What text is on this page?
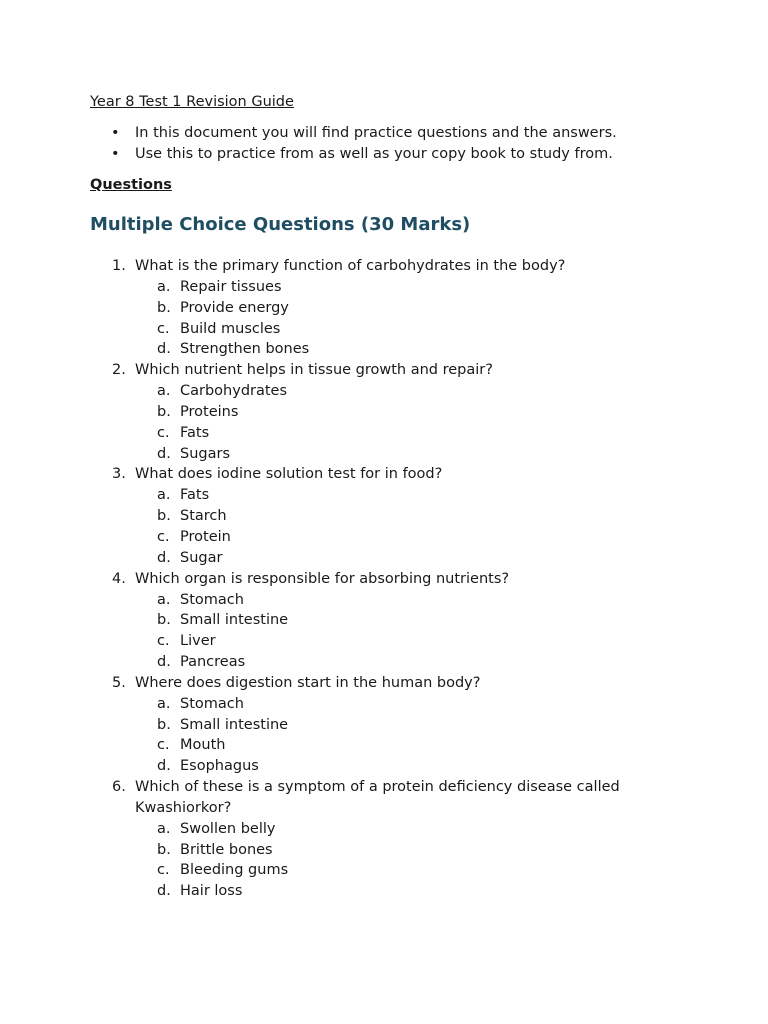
Year 8 Test 1 Revision Guide
• In this document you will find practice questions and the answers.
• Use this to practice from as well as your copy book to study from.
Questions
Multiple Choice Questions (30 Marks)
1. What is the primary function of carbohydrates in the body?
a. Repair tissues
b. Provide energy
c. Build muscles
d. Strengthen bones
2. Which nutrient helps in tissue growth and repair?
a. Carbohydrates
b. Proteins
c. Fats
d. Sugars
3. What does iodine solution test for in food?
a. Fats
b. Starch
c. Protein
d. Sugar
4. Which organ is responsible for absorbing nutrients?
a. Stomach
b. Small intestine
c. Liver
d. Pancreas
5. Where does digestion start in the human body?
a. Stomach
b. Small intestine
c. Mouth
d. Esophagus
6. Which of these is a symptom of a protein deficiency disease called Kwashiorkor?
a. Swollen belly
b. Brittle bones
c. Bleeding gums
d. Hair loss
